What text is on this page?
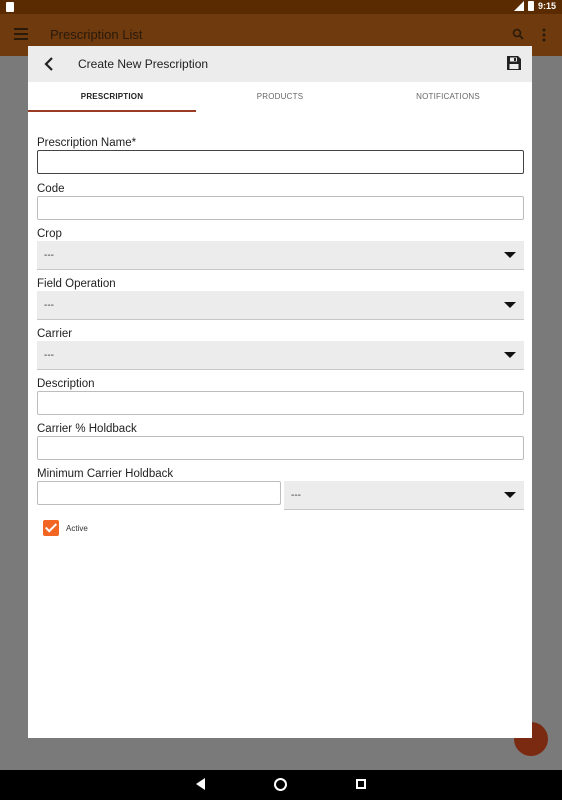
9:15
Prescription List
Create New Prescription
PRESCRIPTION	PRODUCTS	NOTIFICATIONS
Prescription Name*
Code
Crop
---
Field Operation
---
Carrier
---
Description
Carrier % Holdback
Minimum Carrier Holdback
---
Active
